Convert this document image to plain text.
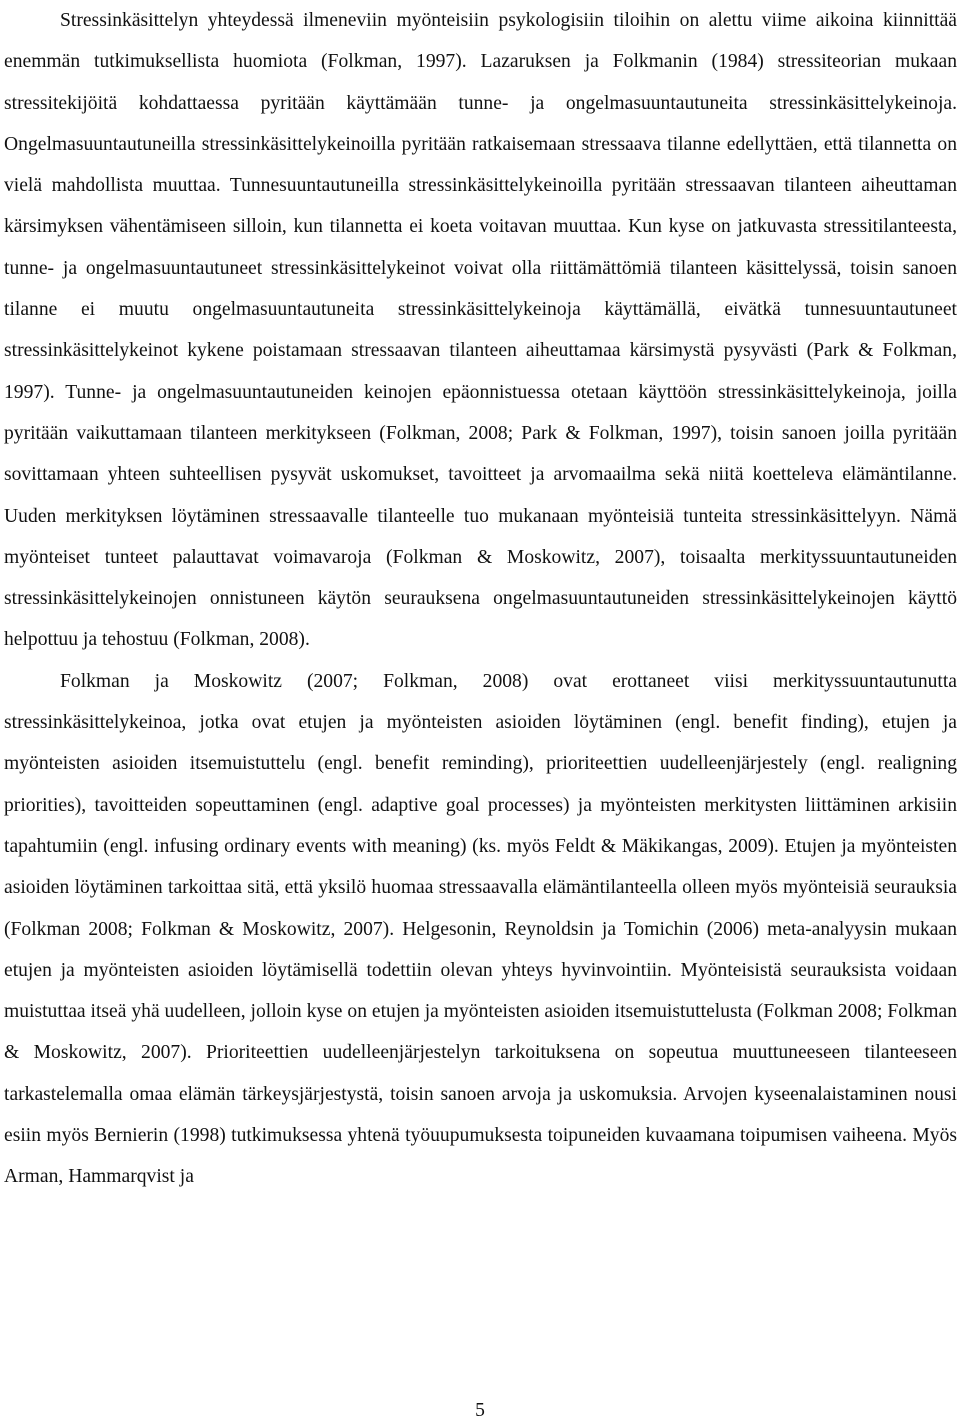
Stressinkäsittelyn yhteydessä ilmeneviin myönteisiin psykologisiin tiloihin on alettu viime aikoina kiinnittää enemmän tutkimuksellista huomiota (Folkman, 1997). Lazaruksen ja Folkmanin (1984) stressiteorian mukaan stressitekijöitä kohdattaessa pyritään käyttämään tunne- ja ongelmasuuntautuneita stressinkäsittelykeinoja. Ongelmasuuntautuneilla stressinkäsittelykeinoilla pyritään ratkaisemaan stressaava tilanne edellyttäen, että tilannetta on vielä mahdollista muuttaa. Tunnesuuntautuneilla stressinkäsittelykeinoilla pyritään stressaavan tilanteen aiheuttaman kärsimyksen vähentämiseen silloin, kun tilannetta ei koeta voitavan muuttaa. Kun kyse on jatkuvasta stressitilanteesta, tunne- ja ongelmasuuntautuneet stressinkäsittelykeinot voivat olla riittämättömiä tilanteen käsittelyssä, toisin sanoen tilanne ei muutu ongelmasuuntautuneita stressinkäsittelykeinoja käyttämällä, eivätkä tunnesuuntautuneet stressinkäsittelykeinot kykene poistamaan stressaavan tilanteen aiheuttamaa kärsimystä pysyvästi (Park & Folkman, 1997). Tunne- ja ongelmasuuntautuneiden keinojen epäonnistuessa otetaan käyttöön stressinkäsittelykeinoja, joilla pyritään vaikuttamaan tilanteen merkitykseen (Folkman, 2008; Park & Folkman, 1997), toisin sanoen joilla pyritään sovittamaan yhteen suhteellisen pysyvät uskomukset, tavoitteet ja arvomaailma sekä niitä koetteleva elämäntilanne. Uuden merkityksen löytäminen stressaavalle tilanteelle tuo mukanaan myönteisiä tunteita stressinkäsittelyyn. Nämä myönteiset tunteet palauttavat voimavaroja (Folkman & Moskowitz, 2007), toisaalta merkityssuuntautuneiden stressinkäsittelykeinojen onnistuneen käytön seurauksena ongelmasuuntautuneiden stressinkäsittelykeinojen käyttö helpottuu ja tehostuu (Folkman, 2008).

Folkman ja Moskowitz (2007; Folkman, 2008) ovat erottaneet viisi merkityssuuntautunutta stressinkäsittelykeinoa, jotka ovat etujen ja myönteisten asioiden löytäminen (engl. benefit finding), etujen ja myönteisten asioiden itsemuistuttelu (engl. benefit reminding), prioriteettien uudelleenjärjestely (engl. realigning priorities), tavoitteiden sopeuttaminen (engl. adaptive goal processes) ja myönteisten merkitysten liittäminen arkisiin tapahtumiin (engl. infusing ordinary events with meaning) (ks. myös Feldt & Mäkikangas, 2009). Etujen ja myönteisten asioiden löytäminen tarkoittaa sitä, että yksilö huomaa stressaavalla elämäntilanteella olleen myös myönteisiä seurauksia (Folkman 2008; Folkman & Moskowitz, 2007). Helgesonin, Reynoldsin ja Tomichin (2006) meta-analyysin mukaan etujen ja myönteisten asioiden löytämisellä todettiin olevan yhteys hyvinvointiin. Myönteisistä seurauksista voidaan muistuttaa itseä yhä uudelleen, jolloin kyse on etujen ja myönteisten asioiden itsemuistuttelusta (Folkman 2008; Folkman & Moskowitz, 2007). Prioriteettien uudelleenjärjestelyn tarkoituksena on sopeutua muuttuneeseen tilanteeseen tarkastelemalla omaa elämän tärkeysjärjestystä, toisin sanoen arvoja ja uskomuksia. Arvojen kyseenalaistaminen nousi esiin myös Bernierin (1998) tutkimuksessa yhtenä työuupumuksesta toipuneiden kuvaamana toipumisen vaiheena. Myös Arman, Hammarqvist ja

5
